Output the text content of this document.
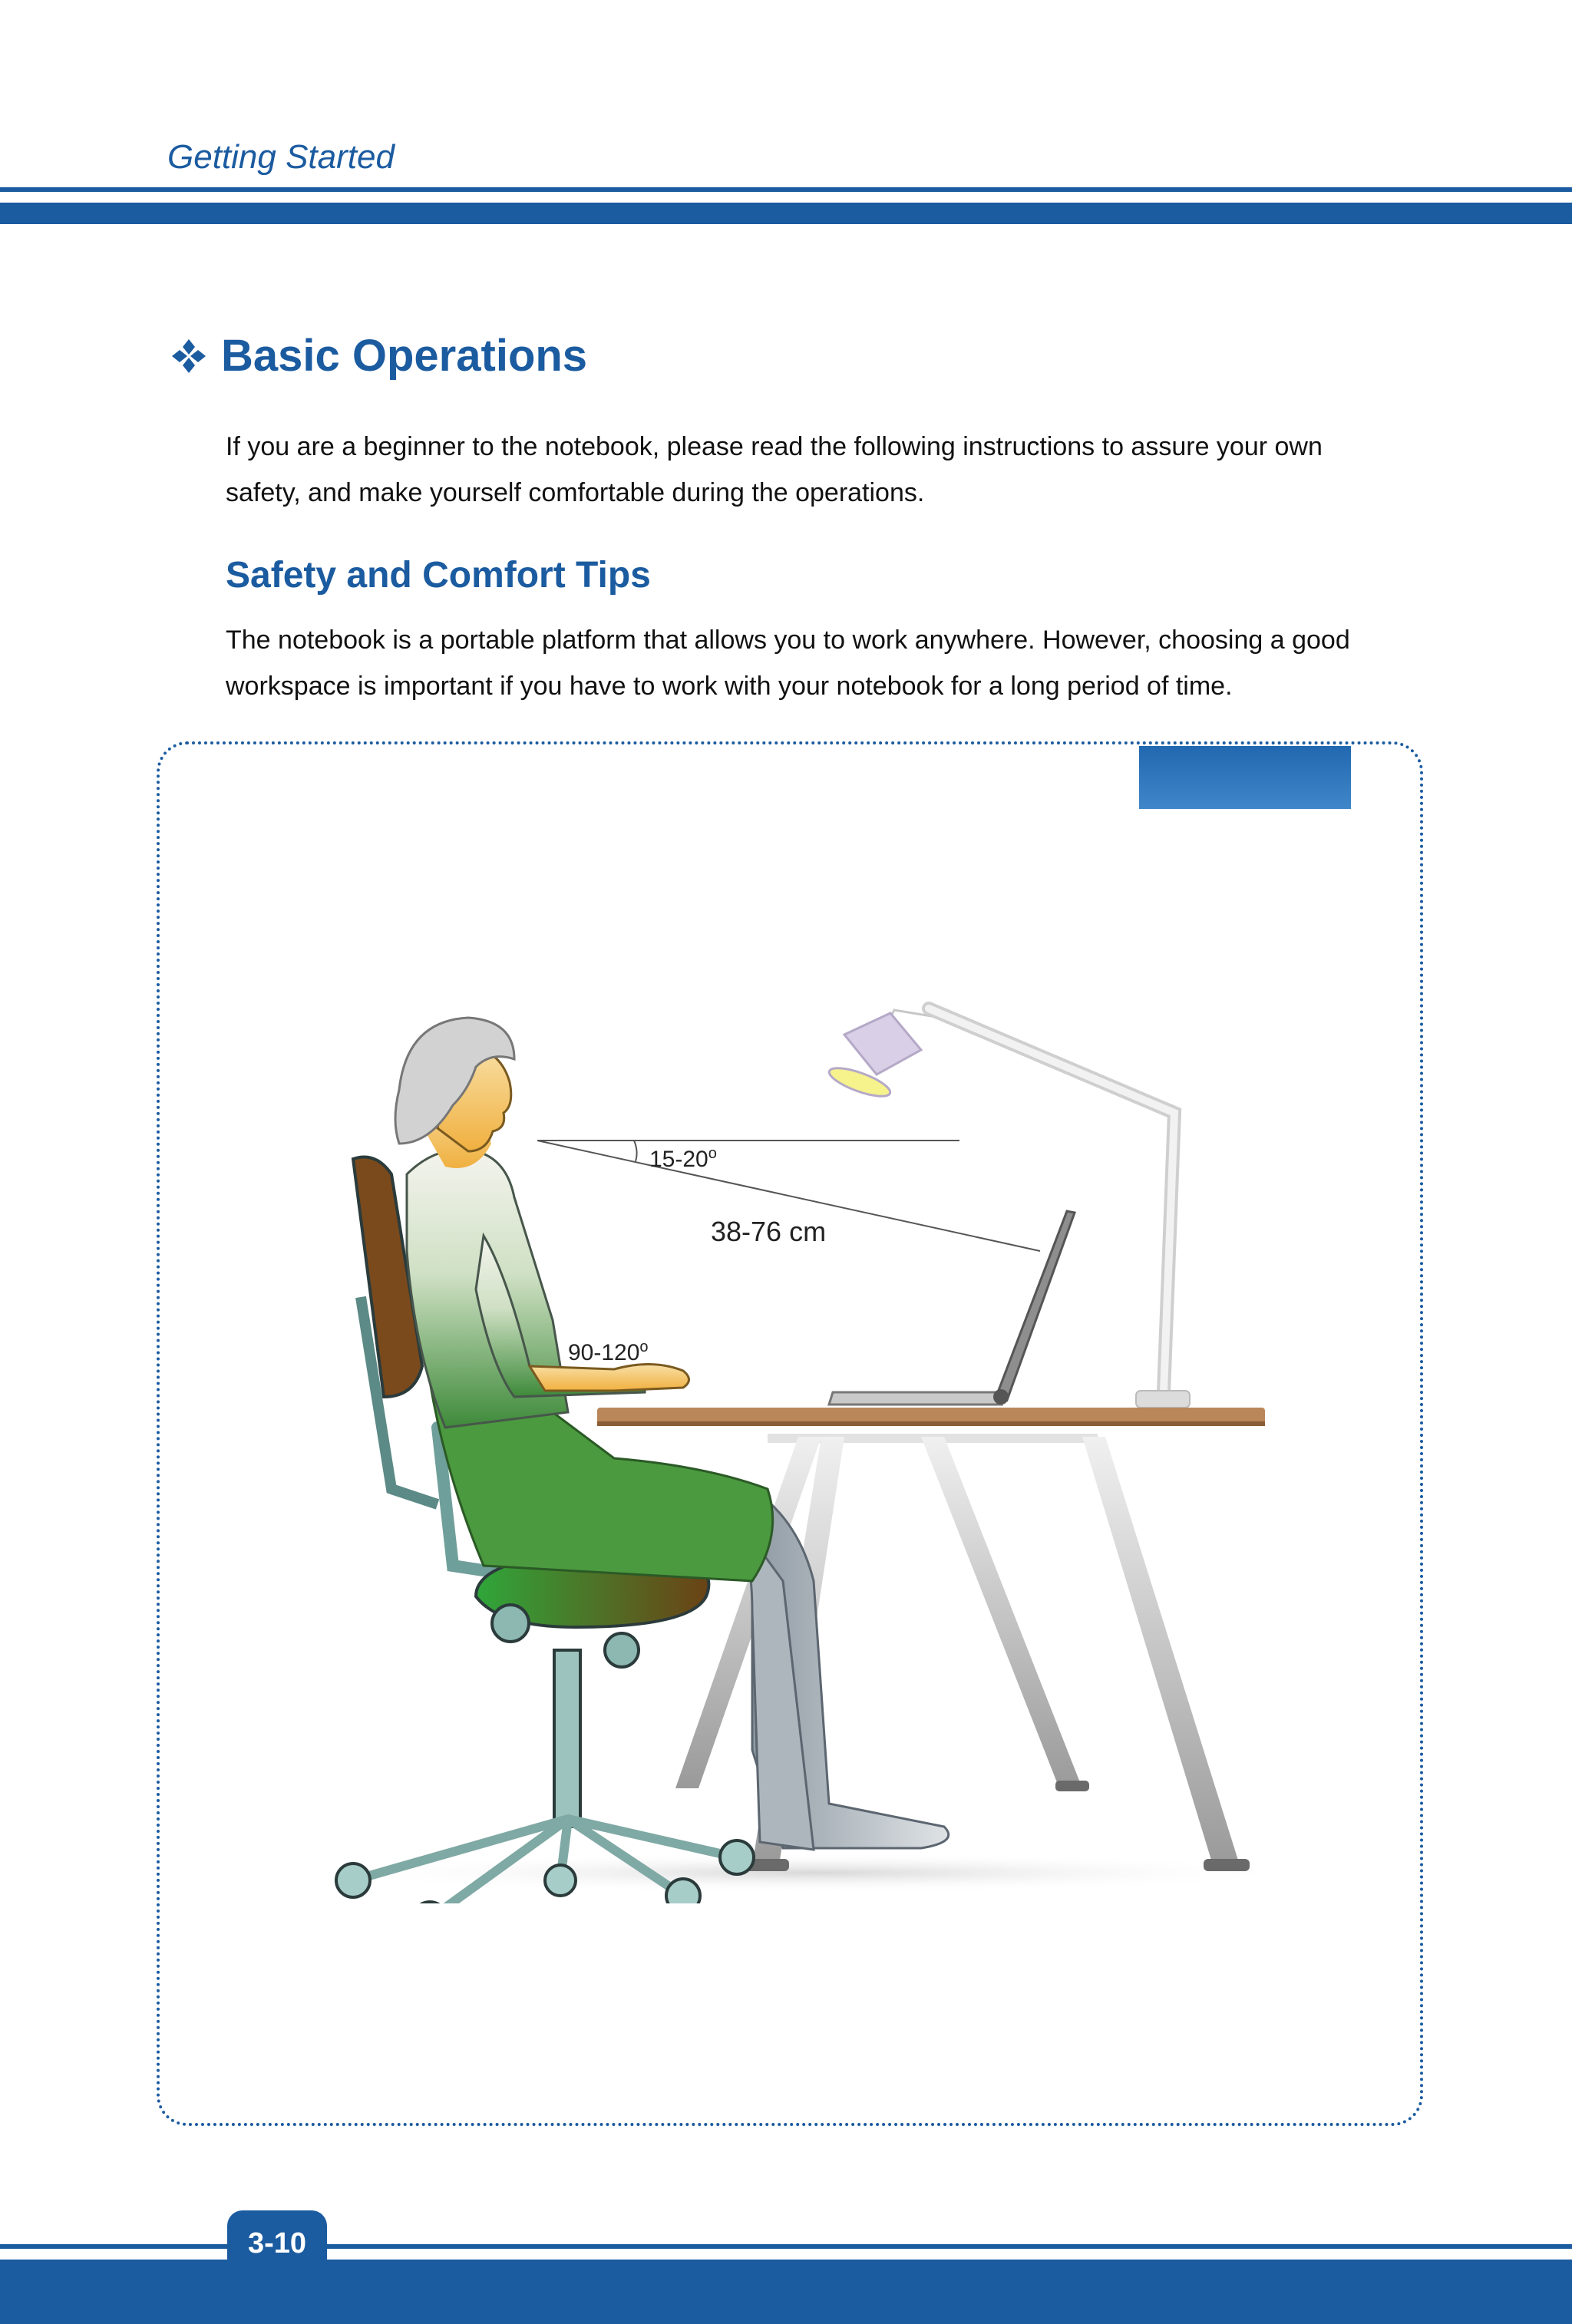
Getting Started
Basic Operations
If you are a beginner to the notebook, please read the following instructions to assure your own safety, and make yourself comfortable during the operations.
Safety and Comfort Tips
The notebook is a portable platform that allows you to work anywhere. However, choosing a good workspace is important if you have to work with your notebook for a long period of time.
15-20$^o$
38-76 cm
90-120$^o$
3-10
